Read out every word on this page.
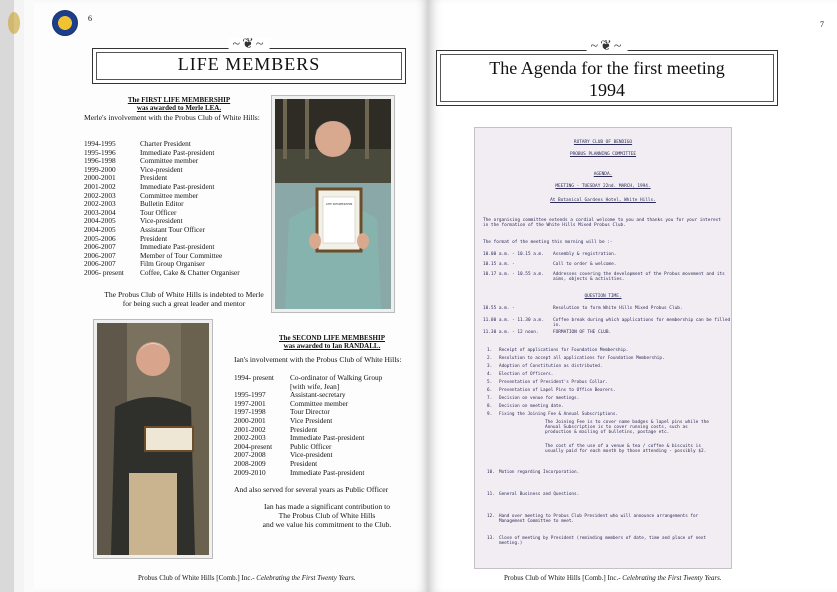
6
~❦~
LIFE MEMBERS
The FIRST LIFE MEMBERSHIP
was awarded to Merle LEA.
Merle's involvement with the Probus Club of White Hills:
1994-1995	Charter President
1995-1996	Immediate Past-president
1996-1998	Committee member
1999-2000	Vice-president
2000-2001	President
2001-2002	Immediate Past-president
2002-2003	Committee member
2002-2003	Bulletin Editor
2003-2004	Tour Officer
2004-2005	Vice-president
2004-2005	Assistant Tour Officer
2005-2006	President
2006-2007	Immediate Past-president
2006-2007	Member of Tour Committee
2006-2007	Film Group Organiser
2006- present	Coffee, Cake & Chatter Organiser
LIFE MEMBERSHIP
The Probus Club of White Hills is indebted to Merle
for being such a great leader and mentor
The SECOND LIFE MEMBESHIP
was awarded to Ian RANDALL.
Ian's involvement with the Probus Club of White Hills:
1994- present	Co-ordinator of Walking Group
	[with wife, Jean]
1995-1997	Assistant-secretary
1997-2001	Committee member
1997-1998	Tour Director
2000-2001	Vice President
2001-2002	President
2002-2003	Immediate Past-president
2004-present	Public Officer
2007-2008	Vice-president
2008-2009	President
2009-2010	Immediate Past-president
And also served for several years as Public Officer
Ian has made a significant contribution to
The Probus Club of White Hills
and we value his commitment to the Club.
Probus Club of White Hills [Comb.] Inc.- Celebrating the First Twenty Years.
7
~❦~
The Agenda for the first meeting
1994
ROTARY CLUB OF BENDIGO
PROBUS PLANNING COMMITTEE
AGENDA.
MEETING - TUESDAY 22nd. MARCH, 1994.
At Botanical Gardens Hotel, White Hills.
The organising committee extends a cordial welcome to you and thanks you for your interest in the formation of the White Hills Mixed Probus Club.
The format of the meeting this morning will be :-
10.00 a.m. - 10.15 a.m.	Assembly & registration.
10.15 a.m. -	Call to order & welcome.
10.17 a.m. - 10.55 a.m.	Addresses covering the development of the Probus movement and its aims, objects & activities.
QUESTION TIME.
10.55 a.m. -	Resolution to form White Hills Mixed Probus Club.
11.00 a.m. - 11.30 a.m.	Coffee break during which applications for membership can be filled in.
11.30 a.m. - 12 noon.	FORMATION OF THE CLUB.
1.	Receipt of applications for Foundation Membership.
2.	Resolution to accept all applications for Foundation Membership.
3.	Adoption of Constitution as distributed.
4.	Election of Officers.
5.	Presentation of President's Probus Collar.
6.	Presentation of Lapel Pins to Office Bearers.
7.	Decision on venue for meetings.
8.	Decision on meeting date.
9.	Fixing the Joining Fee & Annual Subscriptions.
The Joining Fee is to cover name badges & lapel pins while the Annual Subscription is to cover running costs, such as production & mailing of bulletins, postage etc.
The cost of the use of a venue & tea / coffee & biscuits is usually paid for each month by those attending - possibly $2.
10. Motion regarding Incorporation.
11. General Business and Questions.
12. Hand over meeting to Probus Club President who will announce arrangements for Management Committee to meet.
13. Close of meeting by President (reminding members of date, time and place of next meeting.)
Probus Club of White Hills [Comb.] Inc.- Celebrating the First Twenty Years.
